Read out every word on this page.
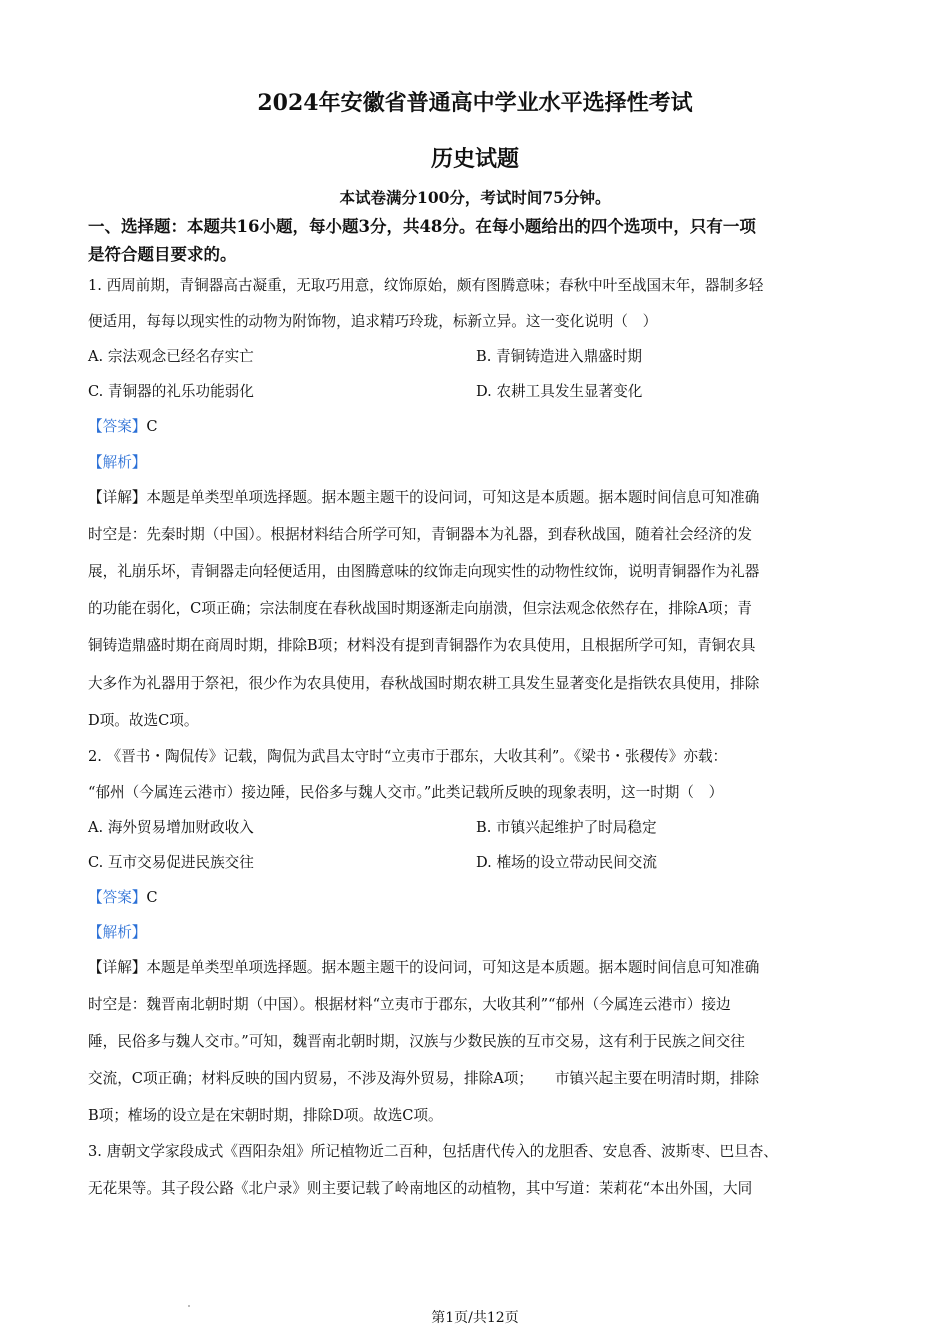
2024年安徽省普通高中学业水平选择性考试
历史试题
本试卷满分100分，考试时间75分钟。
一、选择题：本题共16小题，每小题3分，共48分。在每小题给出的四个选项中，只有一项
是符合题目要求的。
1. 西周前期，青铜器高古凝重，无取巧用意，纹饰原始，颇有图腾意味；春秋中叶至战国末年，器制多轻
便适用，每每以现实性的动物为附饰物，追求精巧玲珑，标新立异。这一变化说明（　）
A. 宗法观念已经名存实亡	B. 青铜铸造进入鼎盛时期
C. 青铜器的礼乐功能弱化	D. 农耕工具发生显著变化
【答案】C
【解析】
【详解】本题是单类型单项选择题。据本题主题干的设问词，可知这是本质题。据本题时间信息可知准确
时空是：先秦时期（中国）。根据材料结合所学可知，青铜器本为礼器，到春秋战国，随着社会经济的发
展，礼崩乐坏，青铜器走向轻便适用，由图腾意味的纹饰走向现实性的动物性纹饰，说明青铜器作为礼器
的功能在弱化，C项正确；宗法制度在春秋战国时期逐渐走向崩溃，但宗法观念依然存在，排除A项；青
铜铸造鼎盛时期在商周时期，排除B项；材料没有提到青铜器作为农具使用，且根据所学可知，青铜农具
大多作为礼器用于祭祀，很少作为农具使用，春秋战国时期农耕工具发生显著变化是指铁农具使用，排除
D项。故选C项。
2. 《晋书・陶侃传》记载，陶侃为武昌太守时“立夷市于郡东，大收其利”。《梁书・张稷传》亦载：
“郁州（今属连云港市）接边陲，民俗多与魏人交市。”此类记载所反映的现象表明，这一时期（　）
A. 海外贸易增加财政收入	B. 市镇兴起维护了时局稳定
C. 互市交易促进民族交往	D. 榷场的设立带动民间交流
【答案】C
【解析】
【详解】本题是单类型单项选择题。据本题主题干的设问词，可知这是本质题。据本题时间信息可知准确
时空是：魏晋南北朝时期（中国）。根据材料“立夷市于郡东，大收其利”“郁州（今属连云港市）接边
陲，民俗多与魏人交市。”可知，魏晋南北朝时期，汉族与少数民族的互市交易，这有利于民族之间交往
交流，C项正确；材料反映的国内贸易，不涉及海外贸易，排除A项；　　市镇兴起主要在明清时期，排除
B项；榷场的设立是在宋朝时期，排除D项。故选C项。
3. 唐朝文学家段成式《酉阳杂俎》所记植物近二百种，包括唐代传入的龙胆香、安息香、波斯枣、巴旦杏、
无花果等。其子段公路《北户录》则主要记载了岭南地区的动植物，其中写道：茉莉花“本出外国，大同
第1页/共12页
